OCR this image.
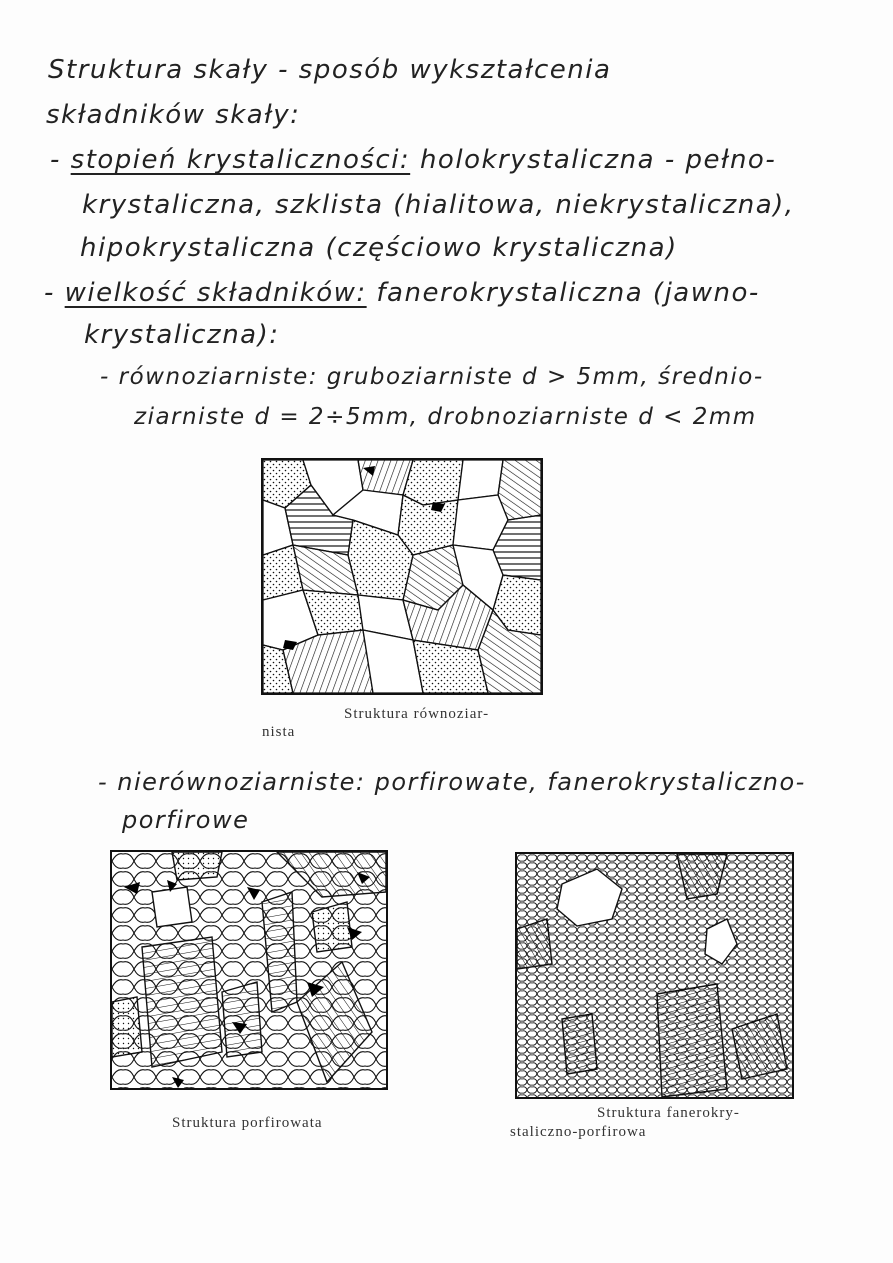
Struktura skały - sposób wykształcenia
składników skały:
- stopień krystaliczności: holokrystaliczna - pełno-
krystaliczna, szklista (hialitowa, niekrystaliczna),
hipokrystaliczna (częściowo krystaliczna)
- wielkość składników: fanerokrystaliczna (jawno-
krystaliczna):
- równoziarniste: gruboziarniste d > 5mm, średnio-
ziarniste d = 2÷5mm, drobnoziarniste d < 2mm
Struktura równoziar-
nista
- nierównoziarniste: porfirowate, fanerokrystaliczno-
porfirowe
Struktura porfirowata
Struktura fanerokry-
staliczno-porfirowa
